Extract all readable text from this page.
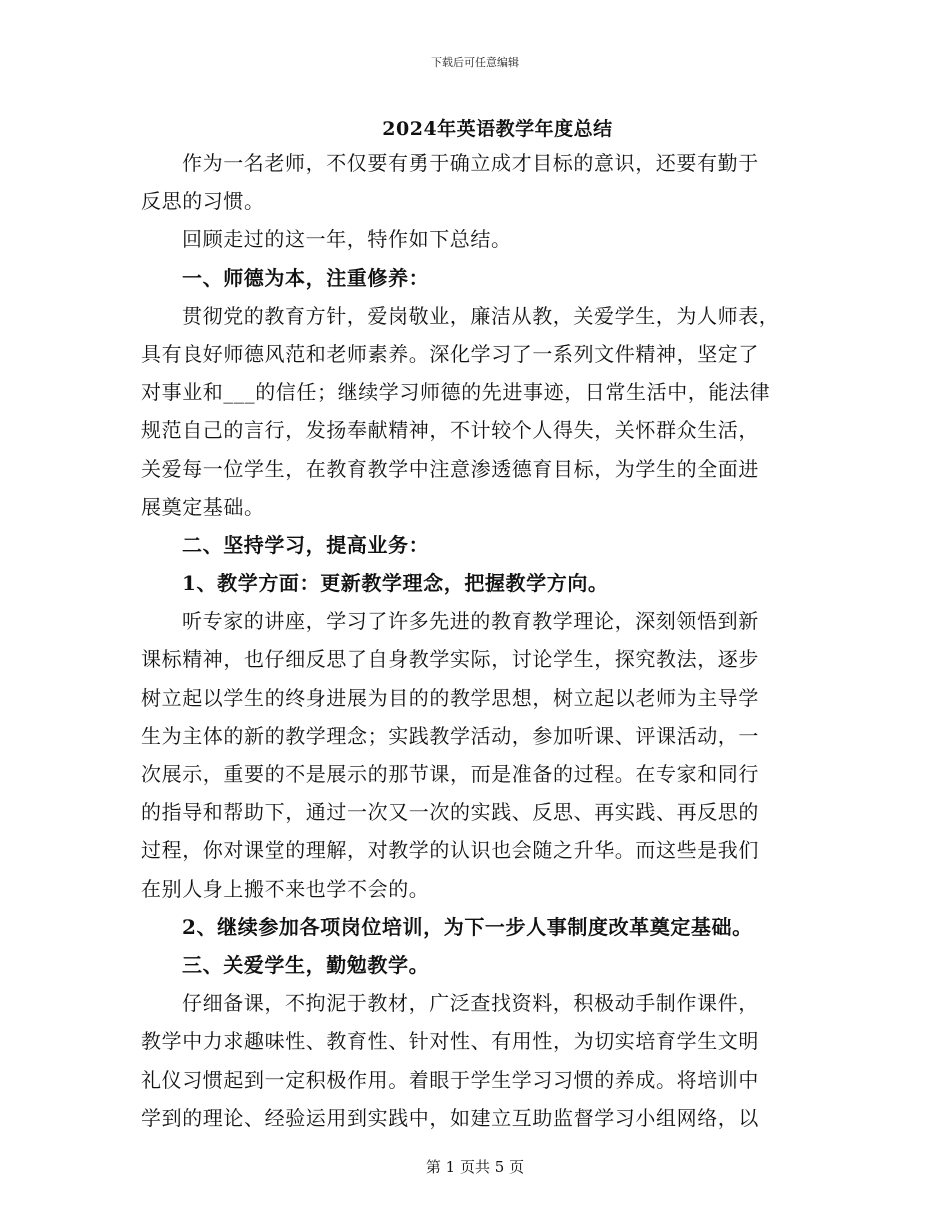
下载后可任意编辑
2024年英语教学年度总结
作为一名老师，不仅要有勇于确立成才目标的意识，还要有勤于
反思的习惯。
回顾走过的这一年，特作如下总结。
一、师德为本，注重修养：
贯彻党的教育方针，爱岗敬业，廉洁从教，关爱学生，为人师表，
具有良好师德风范和老师素养。深化学习了一系列文件精神，坚定了
对事业和___的信任；继续学习师德的先进事迹，日常生活中，能法律
规范自己的言行，发扬奉献精神，不计较个人得失，关怀群众生活，
关爱每一位学生，在教育教学中注意渗透德育目标，为学生的全面进
展奠定基础。
二、坚持学习，提高业务：
1、教学方面：更新教学理念，把握教学方向。
听专家的讲座，学习了许多先进的教育教学理论，深刻领悟到新
课标精神，也仔细反思了自身教学实际，讨论学生，探究教法，逐步
树立起以学生的终身进展为目的的教学思想，树立起以老师为主导学
生为主体的新的教学理念；实践教学活动，参加听课、评课活动，一
次展示，重要的不是展示的那节课，而是准备的过程。在专家和同行
的指导和帮助下，通过一次又一次的实践、反思、再实践、再反思的
过程，你对课堂的理解，对教学的认识也会随之升华。而这些是我们
在别人身上搬不来也学不会的。
2、继续参加各项岗位培训，为下一步人事制度改革奠定基础。
三、关爱学生，勤勉教学。
仔细备课，不拘泥于教材，广泛查找资料，积极动手制作课件，
教学中力求趣味性、教育性、针对性、有用性，为切实培育学生文明
礼仪习惯起到一定积极作用。着眼于学生学习习惯的养成。将培训中
学到的理论、经验运用到实践中，如建立互助监督学习小组网络，以
第 1 页共 5 页
